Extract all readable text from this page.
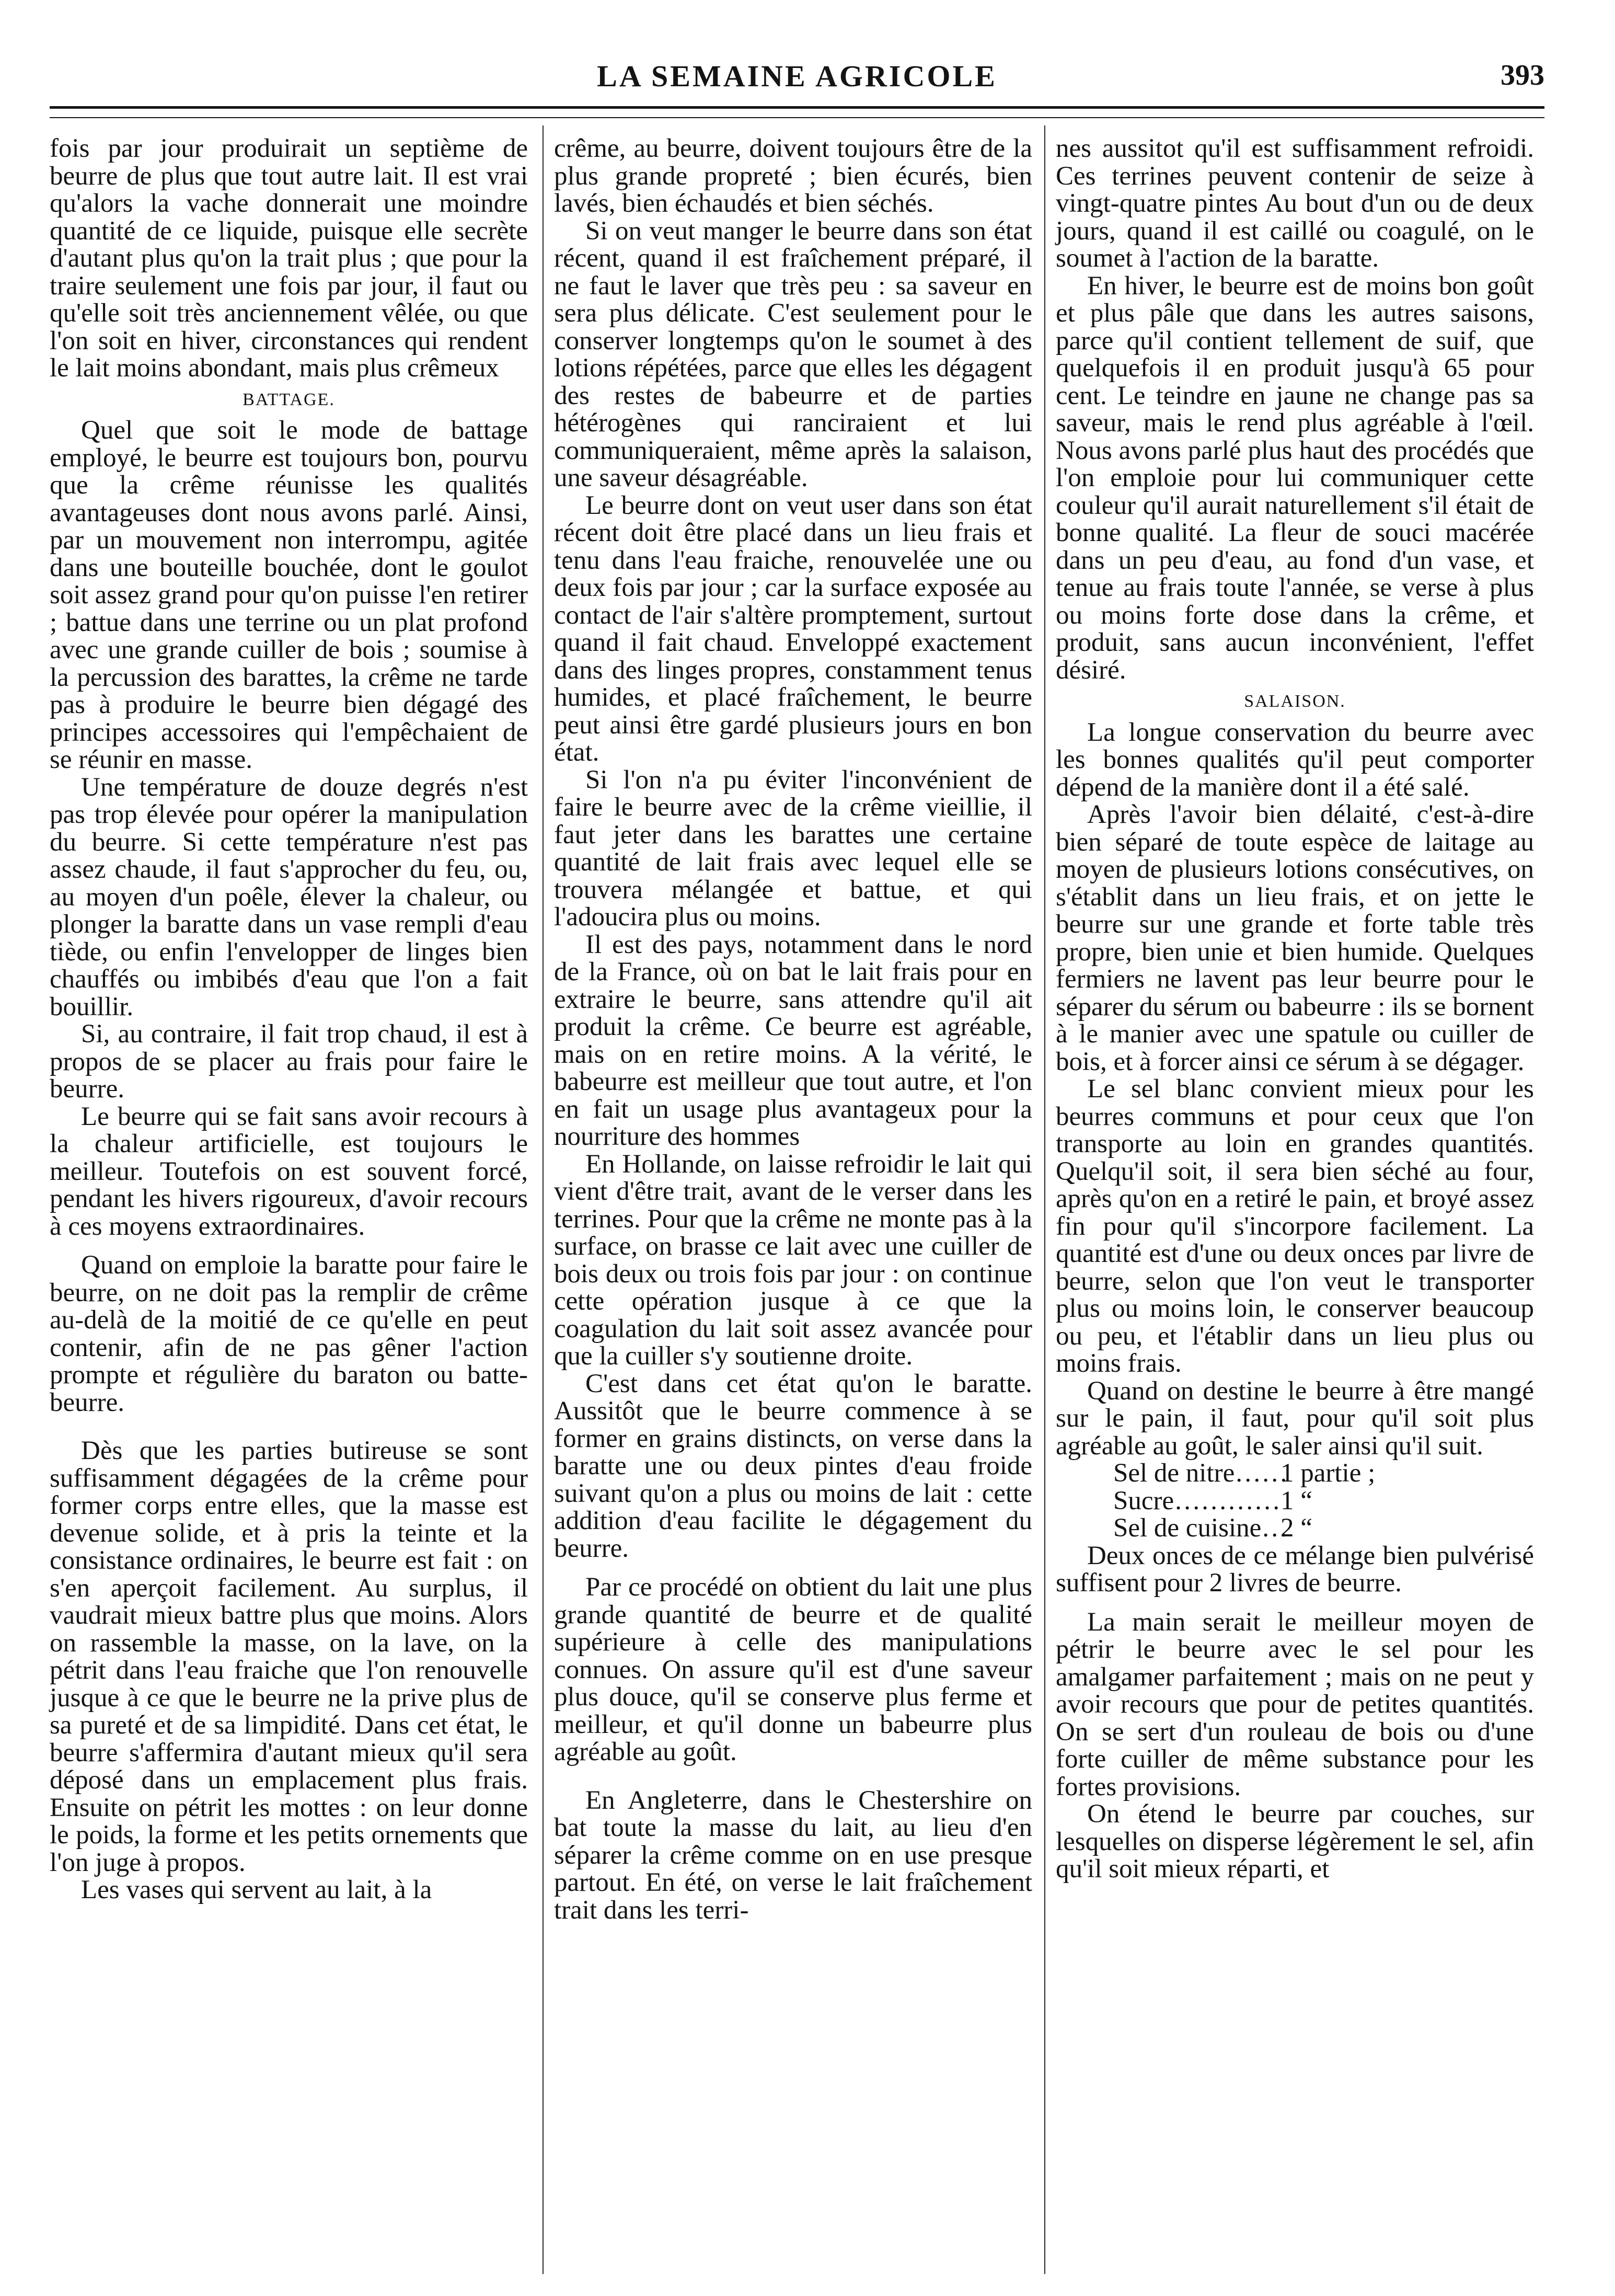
LA SEMAINE AGRICOLE	393

fois par jour produirait un septième de beurre de plus que tout autre lait. Il est vrai qu'alors la vache donnerait une moindre quantité de ce liquide, puisque elle secrète d'autant plus qu'on la trait plus ; que pour la traire seulement une fois par jour, il faut ou qu'elle soit très anciennement vêlée, ou que l'on soit en hiver, circonstances qui rendent le lait moins abondant, mais plus crêmeux

BATTAGE.

Quel que soit le mode de battage employé, le beurre est toujours bon, pourvu que la crême réunisse les qualités avantageuses dont nous avons parlé. Ainsi, par un mouvement non interrompu, agitée dans une bouteille bouchée, dont le goulot soit assez grand pour qu'on puisse l'en retirer ; battue dans une terrine ou un plat profond avec une grande cuiller de bois ; soumise à la percussion des barattes, la crême ne tarde pas à produire le beurre bien dégagé des principes accessoires qui l'empêchaient de se réunir en masse.

Une température de douze degrés n'est pas trop élevée pour opérer la manipulation du beurre. Si cette température n'est pas assez chaude, il faut s'approcher du feu, ou, au moyen d'un poêle, élever la chaleur, ou plonger la baratte dans un vase rempli d'eau tiède, ou enfin l'envelopper de linges bien chauffés ou imbibés d'eau que l'on a fait bouillir.

Si, au contraire, il fait trop chaud, il est à propos de se placer au frais pour faire le beurre.

Le beurre qui se fait sans avoir recours à la chaleur artificielle, est toujours le meilleur. Toutefois on est souvent forcé, pendant les hivers rigoureux, d'avoir recours à ces moyens extraordinaires.

Quand on emploie la baratte pour faire le beurre, on ne doit pas la remplir de crême au-delà de la moitié de ce qu'elle en peut contenir, afin de ne pas gêner l'action prompte et régulière du baraton ou batte-beurre.

Dès que les parties butireuse se sont suffisamment dégagées de la crême pour former corps entre elles, que la masse est devenue solide, et à pris la teinte et la consistance ordinaires, le beurre est fait : on s'en aperçoit facilement. Au surplus, il vaudrait mieux battre plus que moins. Alors on rassemble la masse, on la lave, on la pétrit dans l'eau fraiche que l'on renouvelle jusque à ce que le beurre ne la prive plus de sa pureté et de sa limpidité. Dans cet état, le beurre s'affermira d'autant mieux qu'il sera déposé dans un emplacement plus frais. Ensuite on pétrit les mottes : on leur donne le poids, la forme et les petits ornements que l'on juge à propos.

Les vases qui servent au lait, à la

crême, au beurre, doivent toujours être de la plus grande propreté ; bien écurés, bien lavés, bien échaudés et bien séchés.

Si on veut manger le beurre dans son état récent, quand il est fraîchement préparé, il ne faut le laver que très peu : sa saveur en sera plus délicate. C'est seulement pour le conserver longtemps qu'on le soumet à des lotions répétées, parce que elles les dégagent des restes de babeurre et de parties hétérogènes qui ranciraient et lui communiqueraient, même après la salaison, une saveur désagréable.

Le beurre dont on veut user dans son état récent doit être placé dans un lieu frais et tenu dans l'eau fraiche, renouvelée une ou deux fois par jour ; car la surface exposée au contact de l'air s'altère promptement, surtout quand il fait chaud. Enveloppé exactement dans des linges propres, constamment tenus humides, et placé fraîchement, le beurre peut ainsi être gardé plusieurs jours en bon état.

Si l'on n'a pu éviter l'inconvénient de faire le beurre avec de la crême vieillie, il faut jeter dans les barattes une certaine quantité de lait frais avec lequel elle se trouvera mélangée et battue, et qui l'adoucira plus ou moins.

Il est des pays, notamment dans le nord de la France, où on bat le lait frais pour en extraire le beurre, sans attendre qu'il ait produit la crême. Ce beurre est agréable, mais on en retire moins. A la vérité, le babeurre est meilleur que tout autre, et l'on en fait un usage plus avantageux pour la nourriture des hommes

En Hollande, on laisse refroidir le lait qui vient d'être trait, avant de le verser dans les terrines. Pour que la crême ne monte pas à la surface, on brasse ce lait avec une cuiller de bois deux ou trois fois par jour : on continue cette opération jusque à ce que la coagulation du lait soit assez avancée pour que la cuiller s'y soutienne droite.

C'est dans cet état qu'on le baratte. Aussitôt que le beurre commence à se former en grains distincts, on verse dans la baratte une ou deux pintes d'eau froide suivant qu'on a plus ou moins de lait : cette addition d'eau facilite le dégagement du beurre.

Par ce procédé on obtient du lait une plus grande quantité de beurre et de qualité supérieure à celle des manipulations connues. On assure qu'il est d'une saveur plus douce, qu'il se conserve plus ferme et meilleur, et qu'il donne un babeurre plus agréable au goût.

En Angleterre, dans le Chestershire on bat toute la masse du lait, au lieu d'en séparer la crême comme on en use presque partout. En été, on verse le lait fraîchement trait dans les terri-

nes aussitot qu'il est suffisamment refroidi. Ces terrines peuvent contenir de seize à vingt-quatre pintes Au bout d'un ou de deux jours, quand il est caillé ou coagulé, on le soumet à l'action de la baratte.

En hiver, le beurre est de moins bon goût et plus pâle que dans les autres saisons, parce qu'il contient tellement de suif, que quelquefois il en produit jusqu'à 65 pour cent. Le teindre en jaune ne change pas sa saveur, mais le rend plus agréable à l'œil. Nous avons parlé plus haut des procédés que l'on emploie pour lui communiquer cette couleur qu'il aurait naturellement s'il était de bonne qualité. La fleur de souci macérée dans un peu d'eau, au fond d'un vase, et tenue au frais toute l'année, se verse à plus ou moins forte dose dans la crême, et produit, sans aucun inconvénient, l'effet désiré.

SALAISON.

La longue conservation du beurre avec les bonnes qualités qu'il peut comporter dépend de la manière dont il a été salé.

Après l'avoir bien délaité, c'est-à-dire bien séparé de toute espèce de laitage au moyen de plusieurs lotions consécutives, on s'établit dans un lieu frais, et on jette le beurre sur une grande et forte table très propre, bien unie et bien humide. Quelques fermiers ne lavent pas leur beurre pour le séparer du sérum ou babeurre : ils se bornent à le manier avec une spatule ou cuiller de bois, et à forcer ainsi ce sérum à se dégager.

Le sel blanc convient mieux pour les beurres communs et pour ceux que l'on transporte au loin en grandes quantités. Quelqu'il soit, il sera bien séché au four, après qu'on en a retiré le pain, et broyé assez fin pour qu'il s'incorpore facilement. La quantité est d'une ou deux onces par livre de beurre, selon que l'on veut le transporter plus ou moins loin, le conserver beaucoup ou peu, et l'établir dans un lieu plus ou moins frais.

Quand on destine le beurre à être mangé sur le pain, il faut, pour qu'il soit plus agréable au goût, le saler ainsi qu'il suit.

Sel de nitre……
1 partie ;
Sucre………… 1 “
Sel de cuisine…
2 “

Deux onces de ce mélange bien pulvérisé suffisent pour 2 livres de beurre.

La main serait le meilleur moyen de pétrir le beurre avec le sel pour les amalgamer parfaitement ; mais on ne peut y avoir recours que pour de petites quantités. On se sert d'un rouleau de bois ou d'une forte cuiller de même substance pour les fortes provisions.

On étend le beurre par couches, sur lesquelles on disperse légèrement le sel, afin qu'il soit mieux réparti, et
